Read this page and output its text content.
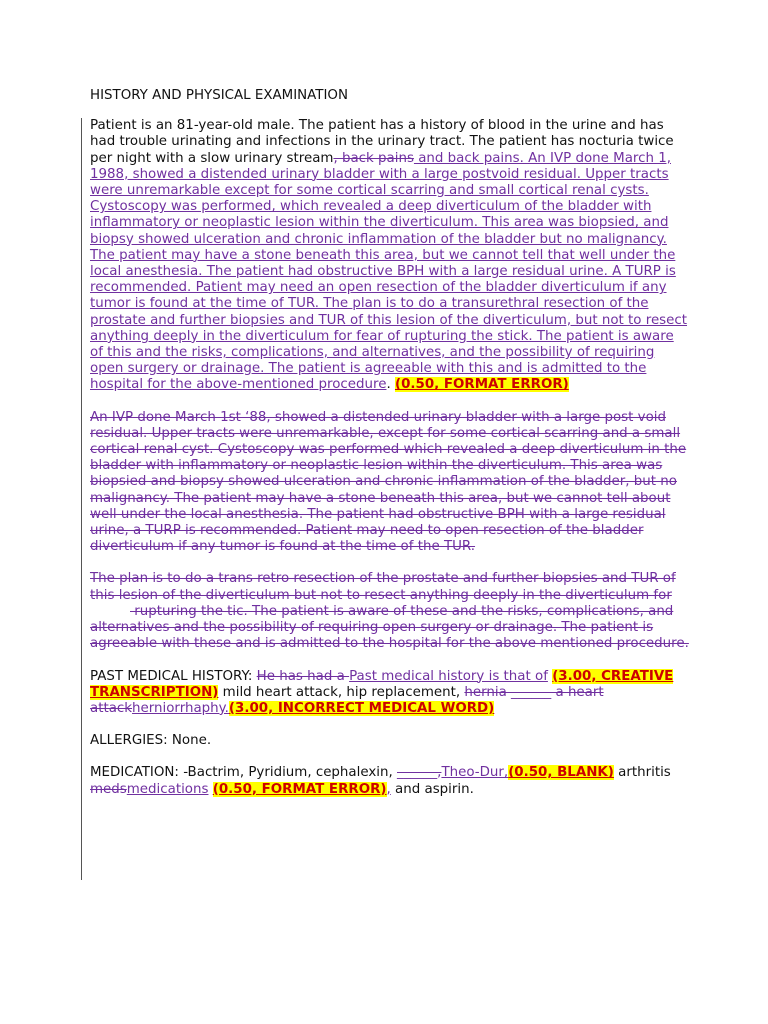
HISTORY AND PHYSICAL EXAMINATION

Patient is an 81-year-old male. The patient has a history of blood in the urine and has had trouble urinating and infections in the urinary tract. The patient has nocturia twice per night with a slow urinary stream, back pains and back pains. An IVP done March 1, 1988, showed a distended urinary bladder with a large postvoid residual. Upper tracts were unremarkable except for some cortical scarring and small cortical renal cysts. Cystoscopy was performed, which revealed a deep diverticulum of the bladder with inflammatory or neoplastic lesion within the diverticulum. This area was biopsied, and biopsy showed ulceration and chronic inflammation of the bladder but no malignancy. The patient may have a stone beneath this area, but we cannot tell that well under the local anesthesia. The patient had obstructive BPH with a large residual urine. A TURP is recommended. Patient may need an open resection of the bladder diverticulum if any tumor is found at the time of TUR. The plan is to do a transurethral resection of the prostate and further biopsies and TUR of this lesion of the diverticulum, but not to resect anything deeply in the diverticulum for fear of rupturing the stick. The patient is aware of this and the risks, complications, and alternatives, and the possibility of requiring open surgery or drainage. The patient is agreeable with this and is admitted to the hospital for the above-mentioned procedure. (0.50, FORMAT ERROR)

An IVP done March 1st ‘88, showed a distended urinary bladder with a large post void residual. Upper tracts were unremarkable, except for some cortical scarring and a small cortical renal cyst. Cystoscopy was performed which revealed a deep diverticulum in the bladder with inflammatory or neoplastic lesion within the diverticulum. This area was biopsied and biopsy showed ulceration and chronic inflammation of the bladder, but no malignancy. The patient may have a stone beneath this area, but we cannot tell about well under the local anesthesia. The patient had obstructive BPH with a large residual urine, a TURP is recommended. Patient may need to open resection of the bladder diverticulum if any tumor is found at the time of the TUR.

The plan is to do a trans retro resection of the prostate and further biopsies and TUR of this lesion of the diverticulum but not to resect anything deeply in the diverticulum for  rupturing the tic. The patient is aware of these and the risks, complications, and alternatives and the possibility of requiring open surgery or drainage. The patient is agreeable with these and is admitted to the hospital for the above mentioned procedure.

PAST MEDICAL HISTORY: He has had a Past medical history is that of (3.00, CREATIVE TRANSCRIPTION) mild heart attack, hip replacement, hernia ______ a heart attackherniorrhaphy.(3.00, INCORRECT MEDICAL WORD)

ALLERGIES: None.

MEDICATION: -Bactrim, Pyridium, cephalexin, ______,Theo-Dur,(0.50, BLANK) arthritis medsmedications (0.50, FORMAT ERROR), and aspirin.
